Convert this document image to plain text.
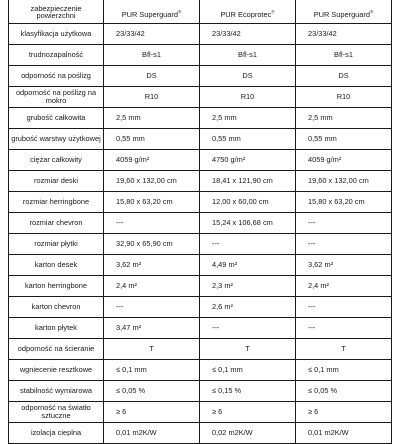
zabezpieczenie powierzchni	PUR Superguard®	PUR Ecoprotec®	PUR Superguard®
klasyfikacja użytkowa	23/33/42	23/33/42	23/33/42
trudnozapalność	Bfl-s1	Bfl-s1	Bfl-s1
odporność na poślizg	DS	DS	DS
odporność na poślizg na mokro	R10	R10	R10
grubość całkowita	2,5 mm	2,5 mm	2,5 mm
grubość warstwy użytkowej	0,55 mm	0,55 mm	0,55 mm
ciężar całkowity	4059 g/m²	4750 g/m²	4059 g/m²
rozmiar deski	19,60 x 132,00 cm	18,41 x 121,90 cm	19,60 x 132,00 cm
rozmiar herringbone	15,80 x 63,20 cm	12,00 x 60,00 cm	15,80 x 63,20 cm
rozmiar chevron	---	15,24 x 106,68 cm	---
rozmiar płytki	32,90 x 65,90 cm	---	---
karton desek	3,62 m²	4,49 m²	3,62 m²
karton herringbone	2,4 m²	2,3 m²	2,4 m²
karton chevron	---	2,6 m²	---
karton płytek	3,47 m²	---	---
odporność na ścieranie	T	T	T
wgniecenie resztkowe	≤ 0,1 mm	≤ 0,1 mm	≤ 0,1 mm
stabilność wymiarowa	≤ 0,05 %	≤ 0,15 %	≤ 0,05 %
odporność na światło sztuczne	≥ 6	≥ 6	≥ 6
izolacja cieplna	0,01 m2K/W	0,02 m2K/W	0,01 m2K/W
